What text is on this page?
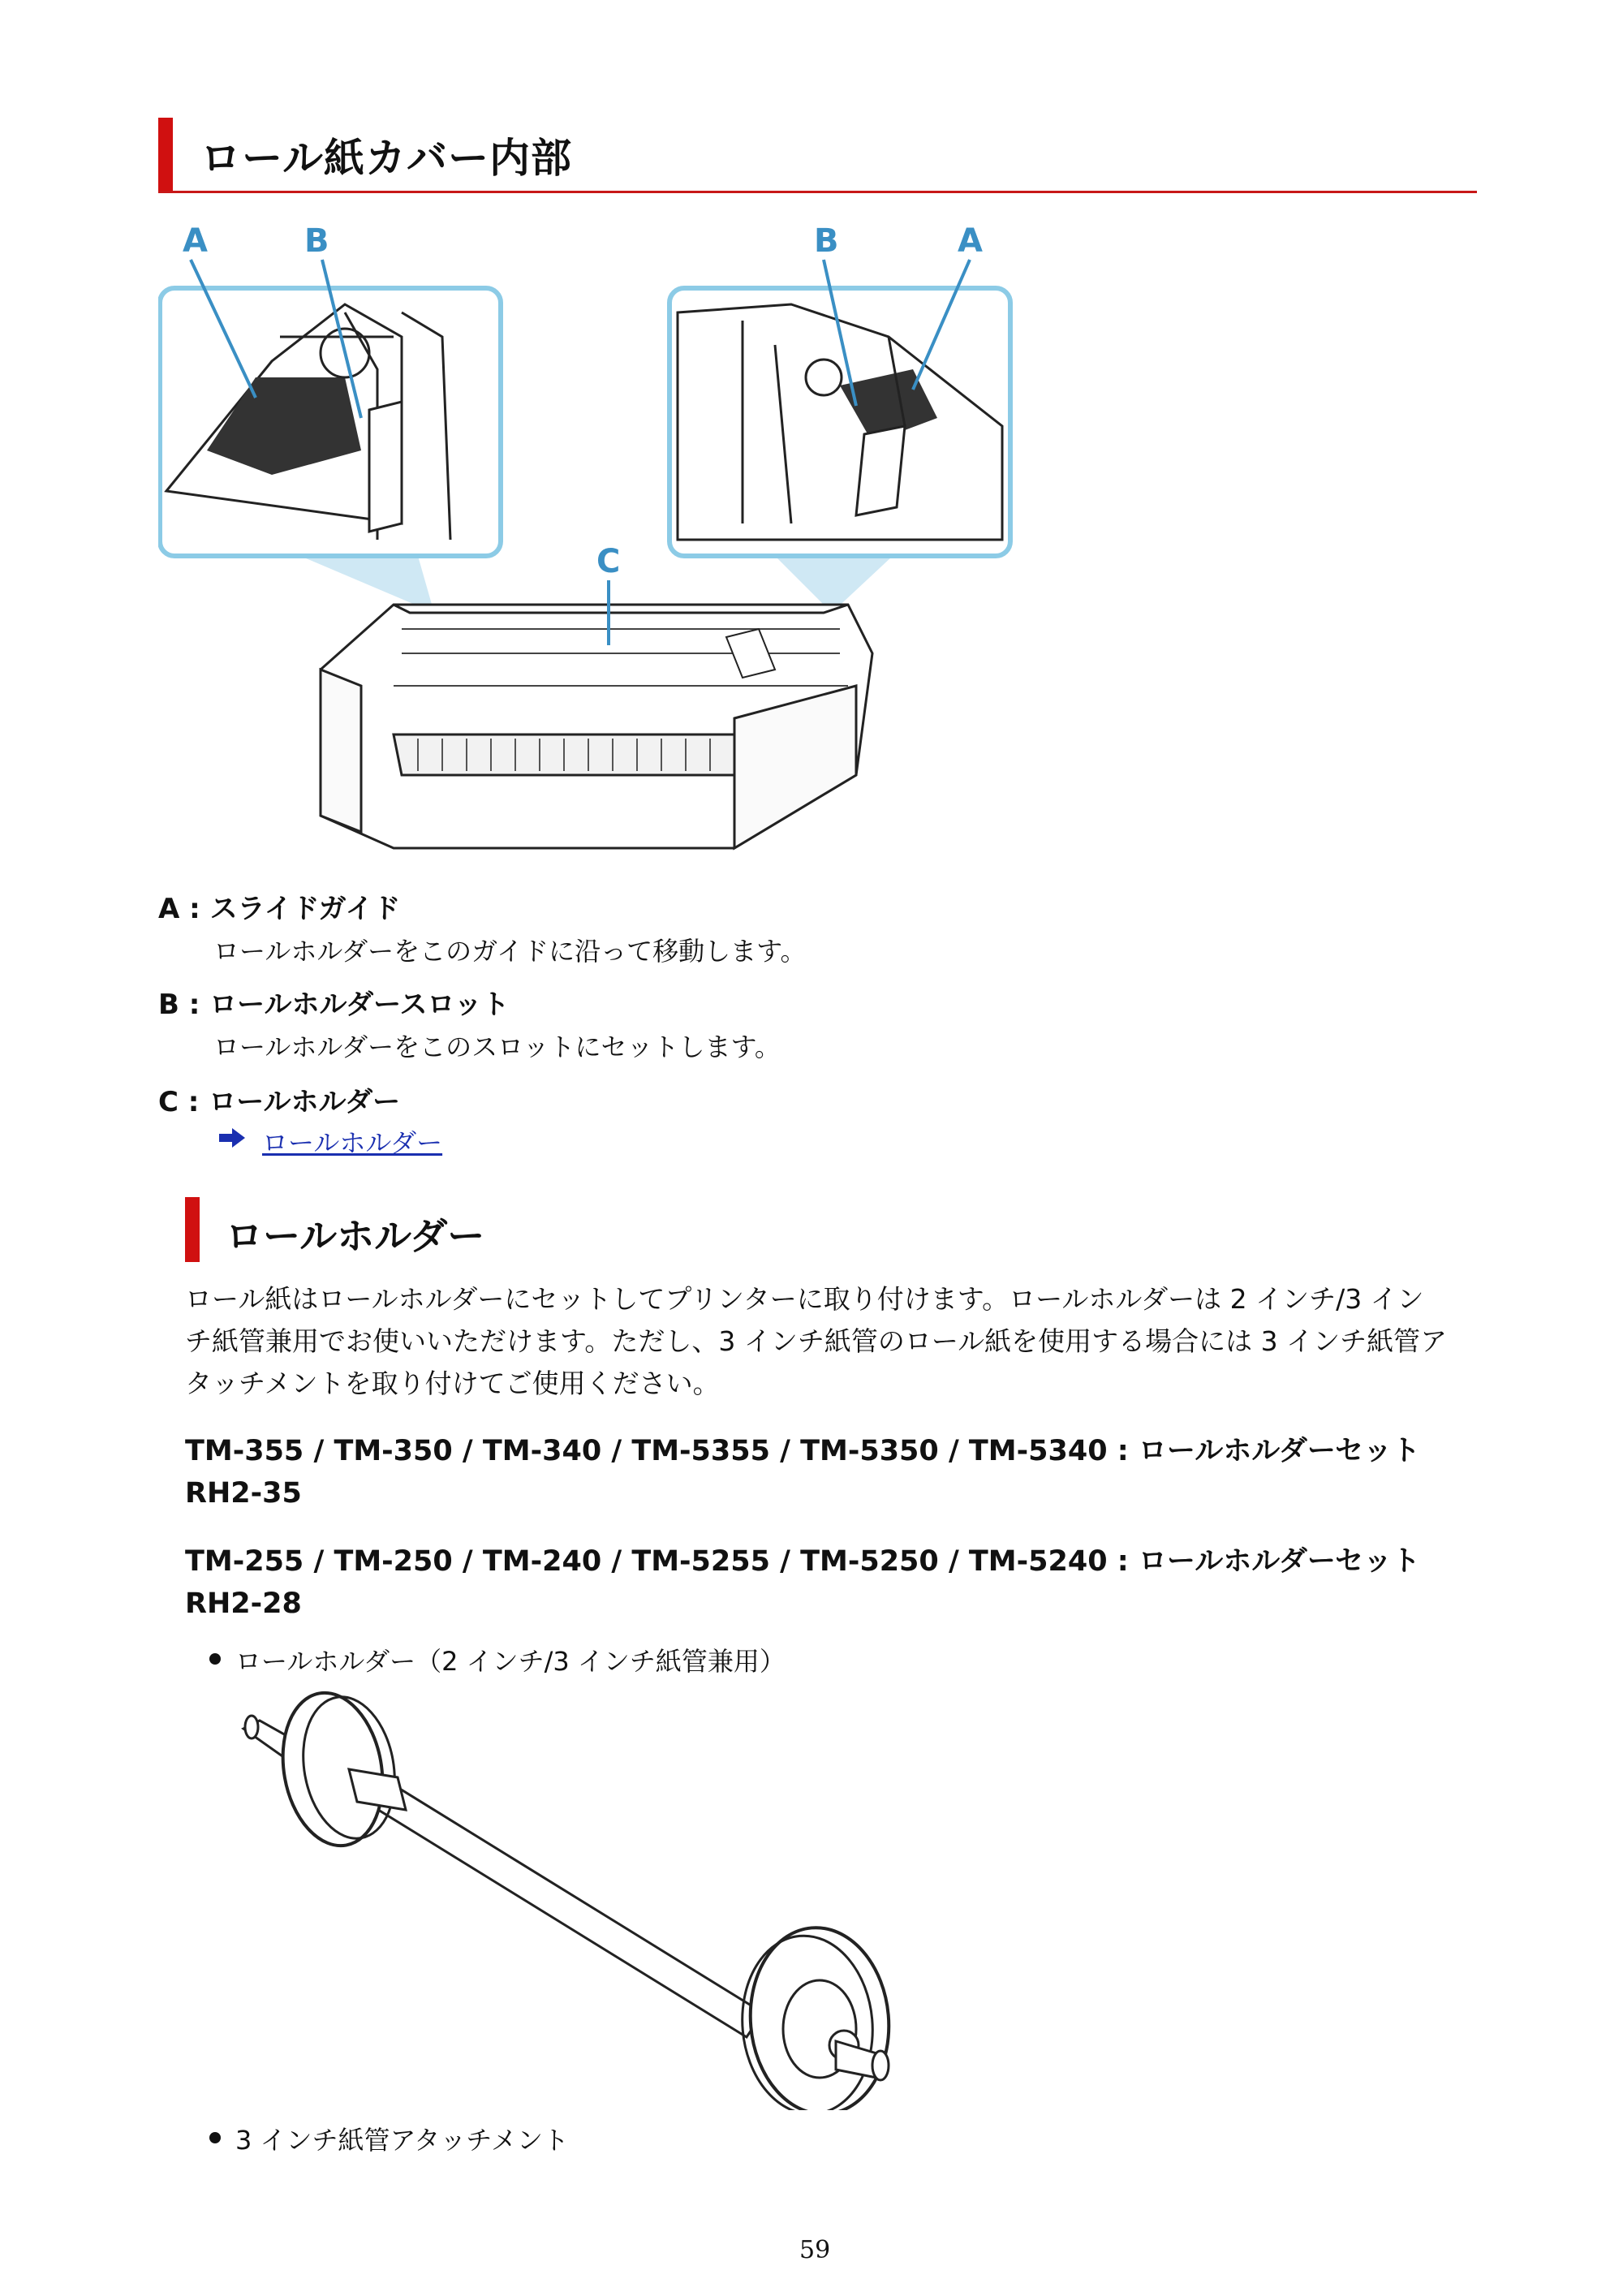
ロール紙カバー内部
A	B	B	A
C
A : スライドガイド
ロールホルダーをこのガイドに沿って移動します。
B : ロールホルダースロット
ロールホルダーをこのスロットにセットします。
C : ロールホルダー
ロールホルダー
ロールホルダー
ロール紙はロールホルダーにセットしてプリンターに取り付けます。ロールホルダーは 2 インチ/3 イン
チ紙管兼用でお使いいただけます。ただし、3 インチ紙管のロール紙を使用する場合には 3 インチ紙管ア
タッチメントを取り付けてご使用ください。
TM-355 / TM-350 / TM-340 / TM-5355 / TM-5350 / TM-5340 : ロールホルダーセット
RH2-35
TM-255 / TM-250 / TM-240 / TM-5255 / TM-5250 / TM-5240 : ロールホルダーセット
RH2-28
ロールホルダー（2 インチ/3 インチ紙管兼用）
3 インチ紙管アタッチメント
59
